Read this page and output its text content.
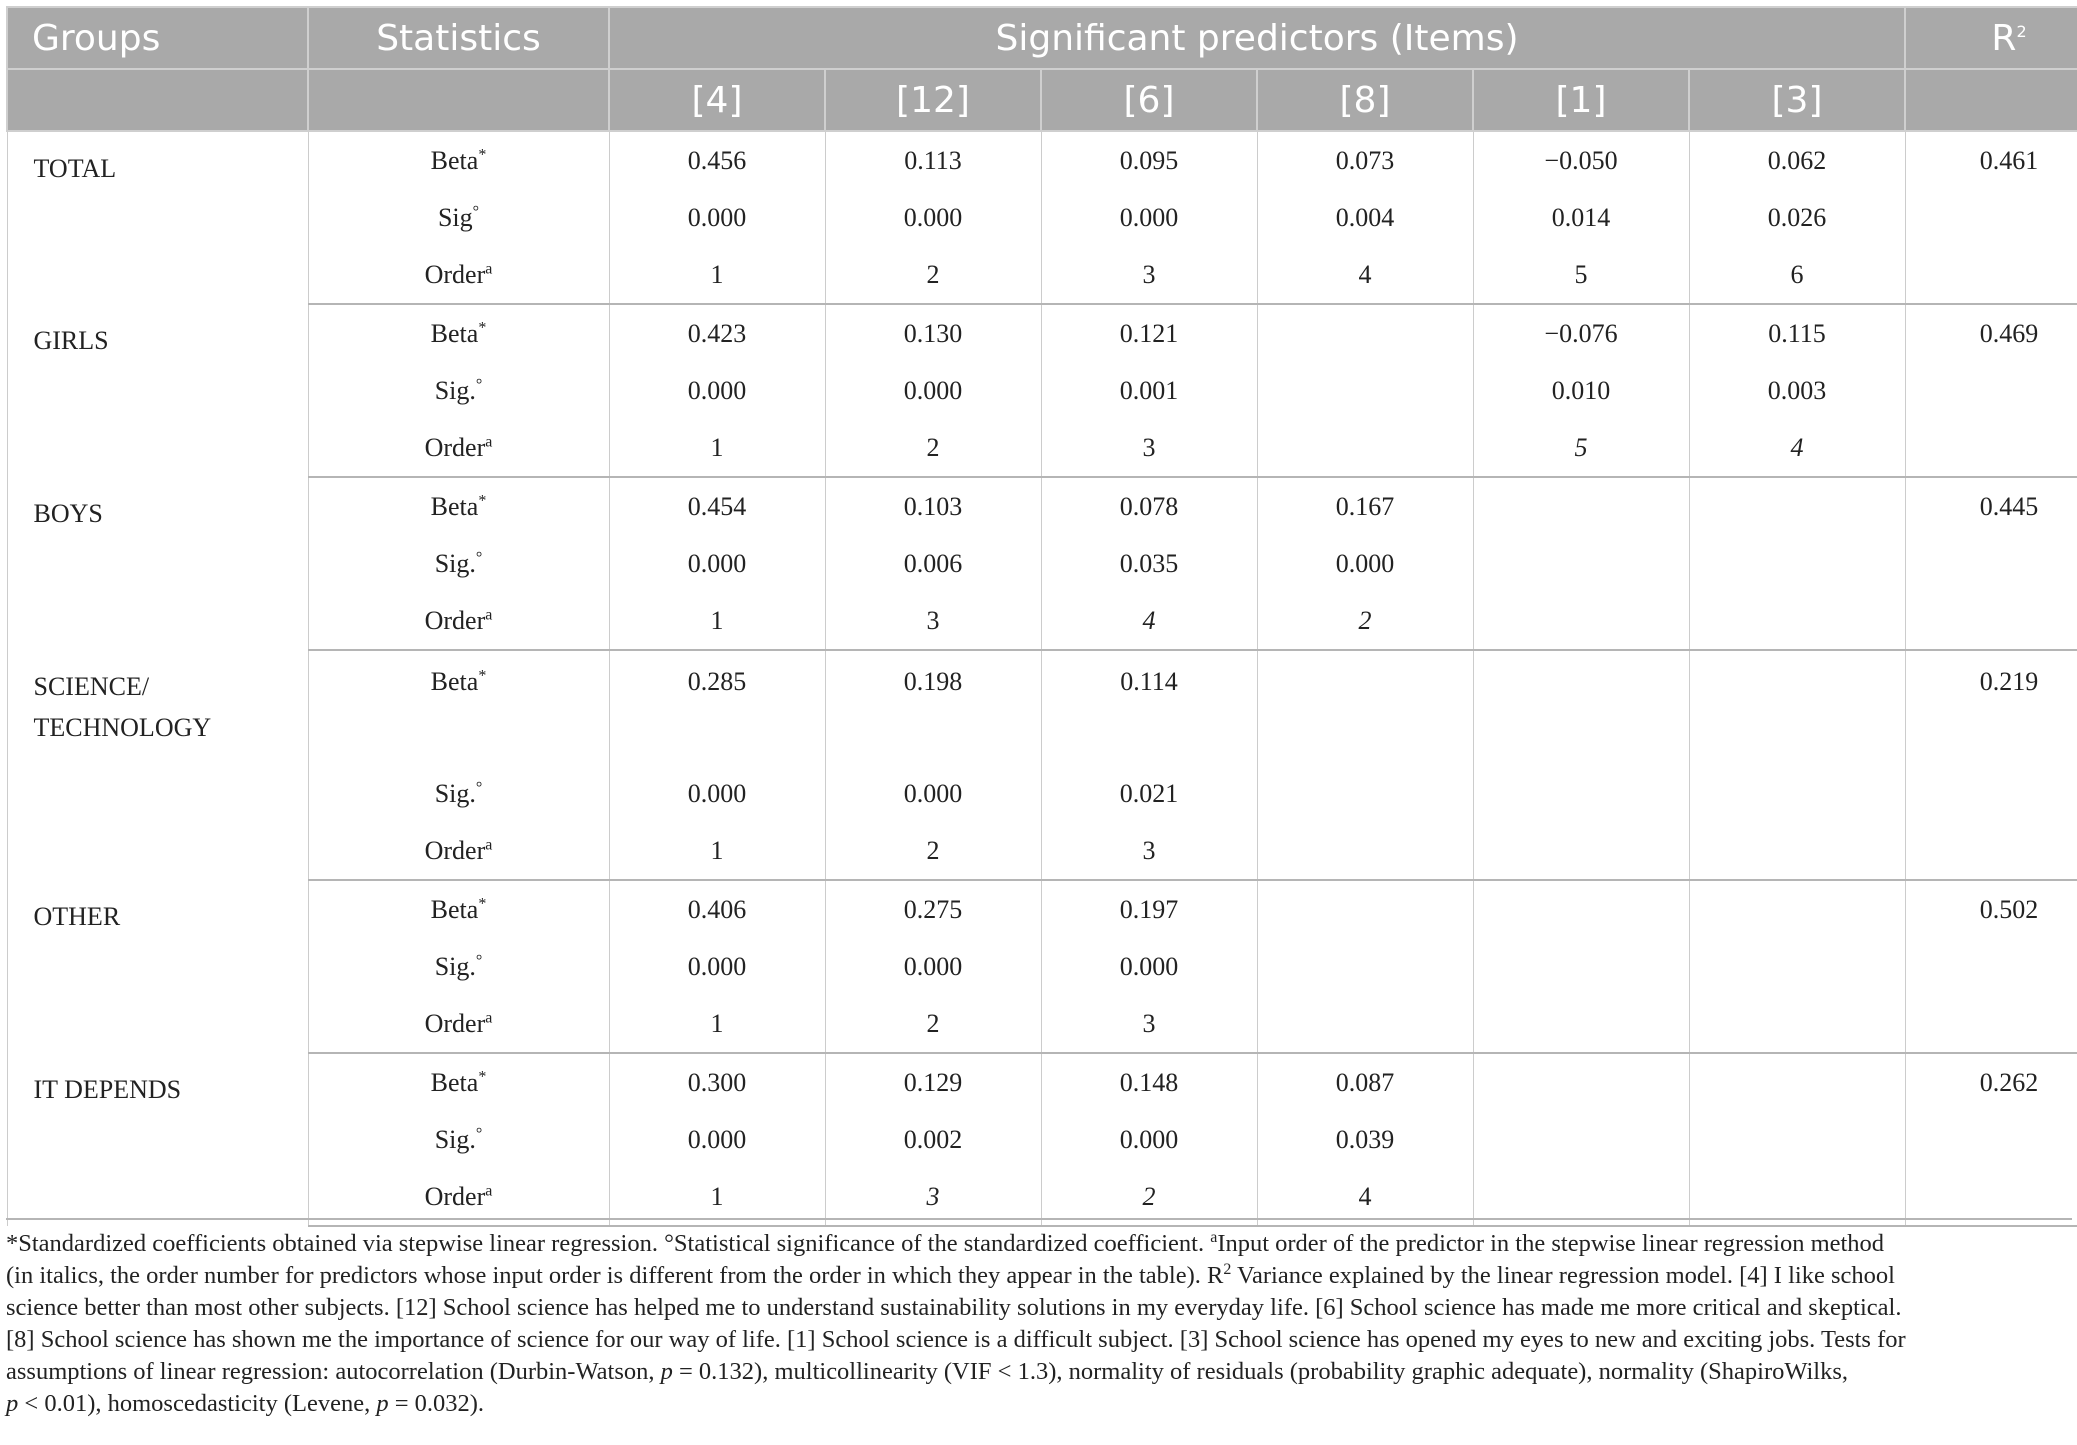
Groups	Statistics	Significant predictors (Items)						$R^2$
		[4]	[12]	[6]	[8]	[1]	[3]	
TOTAL	Beta*	0.456	0.113	0.095	0.073	−0.050	0.062	0.461
	Sig°	0.000	0.000	0.000	0.004	0.014	0.026	
	Order$^a$	1	2	3	4	5	6	
GIRLS	Beta*	0.423	0.130	0.121		−0.076	0.115	0.469
	Sig.°	0.000	0.000	0.001		0.010	0.003	
	Order$^a$	1	2	3		5	4	
BOYS	Beta*	0.454	0.103	0.078	0.167			0.445
	Sig.°	0.000	0.006	0.035	0.000			
	Order$^a$	1	3	4	2			
SCIENCE/
TECHNOLOGY	Beta*	0.285	0.198	0.114				0.219
	Sig.°	0.000	0.000	0.021				
	Order$^a$	1	2	3				
OTHER	Beta*	0.406	0.275	0.197				0.502
	Sig.°	0.000	0.000	0.000				
	Order$^a$	1	2	3				
IT DEPENDS	Beta*	0.300	0.129	0.148	0.087			0.262
	Sig.°	0.000	0.002	0.000	0.039			
	Order$^a$	1	3	2	4			
*Standardized coefficients obtained via stepwise linear regression. °Statistical significance of the standardized coefficient. $^a$Input order of the predictor in the stepwise linear regression method
(in italics, the order number for predictors whose input order is different from the order in which they appear in the table). $R^2$ Variance explained by the linear regression model. [4] I like school
science better than most other subjects. [12] School science has helped me to understand sustainability solutions in my everyday life. [6] School science has made me more critical and skeptical.
[8] School science has shown me the importance of science for our way of life. [1] School science is a difficult subject. [3] School science has opened my eyes to new and exciting jobs. Tests for
assumptions of linear regression: autocorrelation (Durbin-Watson, p = 0.132), multicollinearity (VIF < 1.3), normality of residuals (probability graphic adequate), normality (ShapiroWilks,
p < 0.01), homoscedasticity (Levene, p = 0.032).
